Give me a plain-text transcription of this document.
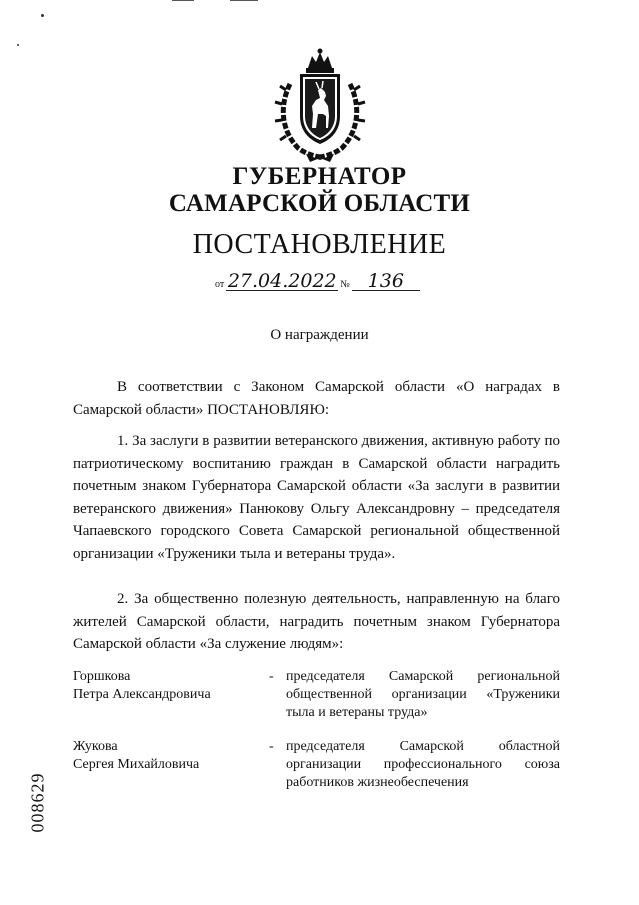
ГУБЕРНАТОР
САМАРСКОЙ ОБЛАСТИ
ПОСТАНОВЛЕНИЕ
от 27.04.2022 № 136
О награждении

В соответствии с Законом Самарской области «О наградах в Самарской области» ПОСТАНОВЛЯЮ:

1. За заслуги в развитии ветеранского движения, активную работу по патриотическому воспитанию граждан в Самарской области наградить почетным знаком Губернатора Самарской области «За заслуги в развитии ветеранского движения» Панюкову Ольгу Александровну – председателя Чапаевского городского Совета Самарской региональной общественной организации «Труженики тыла и ветераны труда».

2. За общественно полезную деятельность, направленную на благо жителей Самарской области, наградить почетным знаком Губернатора Самарской области «За служение людям»:

Горшкова
Петра Александровича
- председателя Самарской региональной общественной организации «Труженики тыла и ветераны труда»
Жукова
Сергея Михайловича
- председателя Самарской областной организации профессионального союза работников жизнеобеспечения
008629
